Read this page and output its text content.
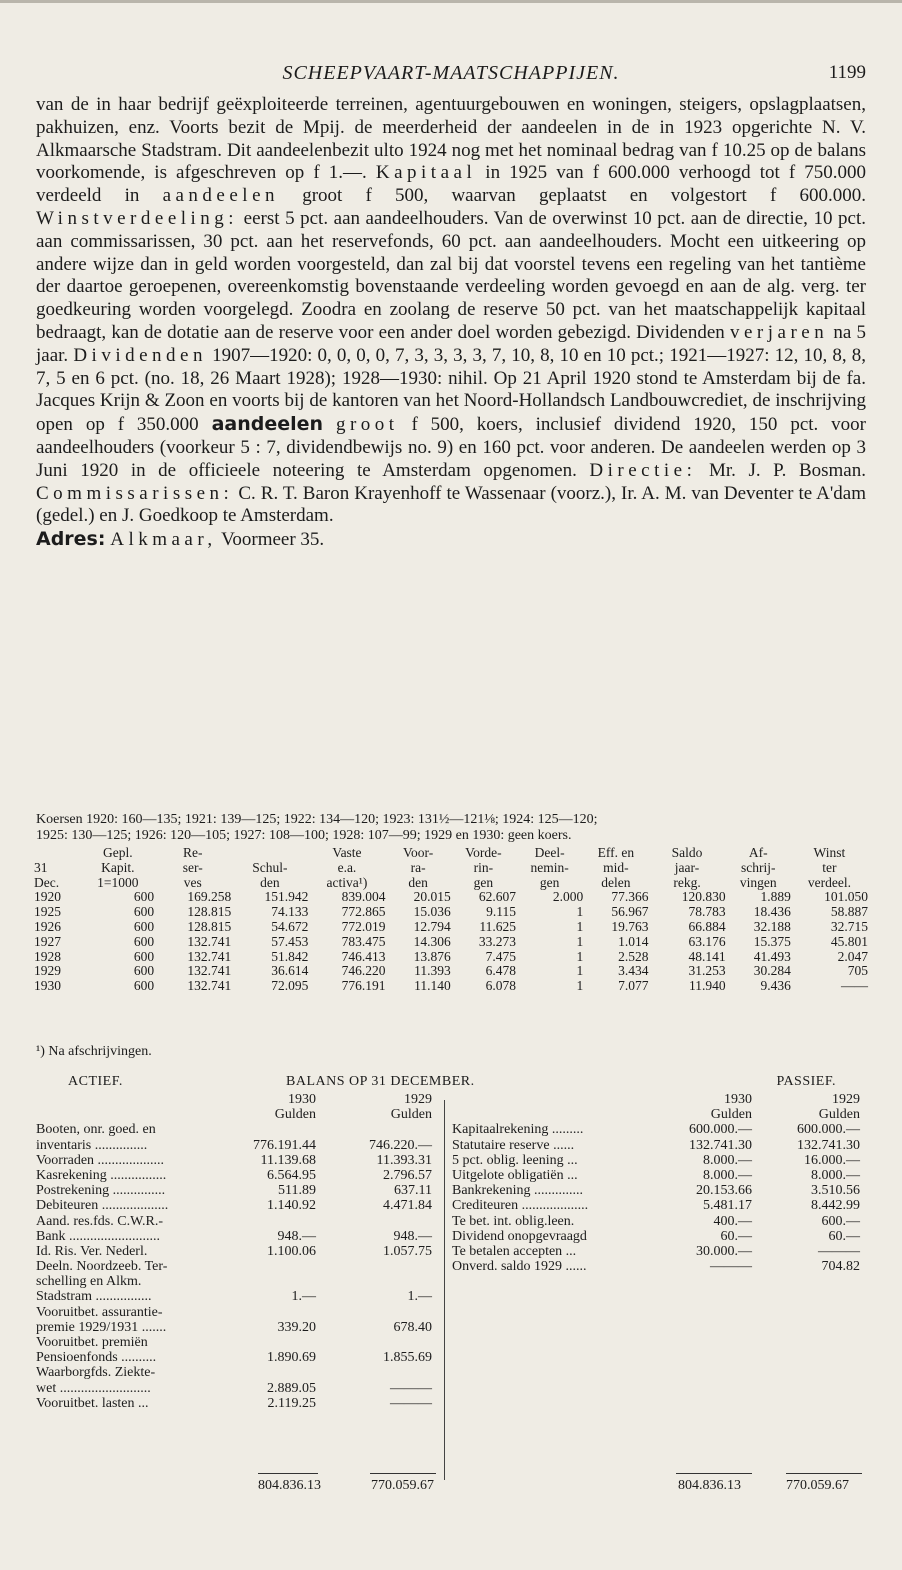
SCHEEPVAART-MAATSCHAPPIJEN.	1199
van de in haar bedrijf geëxploiteerde terreinen, agentuurgebouwen en woningen, steigers, opslagplaatsen, pakhuizen, enz. Voorts bezit de Mpij. de meerderheid der aandeelen in de in 1923 opgerichte N. V. Alkmaarsche Stadstram. Dit aandeelenbezit ulto 1924 nog met het nominaal bedrag van f 10.25 op de balans voorkomende, is afgeschreven op f 1.—. Kapitaal in 1925 van f 600.000 verhoogd tot f 750.000 verdeeld in aandeelen groot f 500, waarvan geplaatst en volgestort f 600.000. Winstverdeeling: eerst 5 pct. aan aandeelhouders. Van de overwinst 10 pct. aan de directie, 10 pct. aan commissarissen, 30 pct. aan het reservefonds, 60 pct. aan aandeelhouders. Mocht een uitkeering op andere wijze dan in geld worden voorgesteld, dan zal bij dat voorstel tevens een regeling van het tantième der daartoe geroepenen, overeenkomstig bovenstaande verdeeling worden gevoegd en aan de alg. verg. ter goedkeuring worden voorgelegd. Zoodra en zoolang de reserve 50 pct. van het maatschappelijk kapitaal bedraagt, kan de dotatie aan de reserve voor een ander doel worden gebezigd. Dividenden verjaren na 5 jaar. Dividenden 1907—1920: 0, 0, 0, 0, 7, 3, 3, 3, 3, 7, 10, 8, 10 en 10 pct.; 1921—1927: 12, 10, 8, 8, 7, 5 en 6 pct. (no. 18, 26 Maart 1928); 1928—1930: nihil. Op 21 April 1920 stond te Amsterdam bij de fa. Jacques Krijn & Zoon en voorts bij de kantoren van het Noord-Hollandsch Landbouwcrediet, de inschrijving open op f 350.000 aandeelen groot f 500, koers, inclusief dividend 1920, 150 pct. voor aandeelhouders (voorkeur 5 : 7, dividendbewijs no. 9) en 160 pct. voor anderen. De aandeelen werden op 3 Juni 1920 in de officieele noteering te Amsterdam opgenomen. Directie: Mr. J. P. Bosman. Commissarissen: C. R. T. Baron Krayenhoff te Wassenaar (voorz.), Ir. A. M. van Deventer te A'dam (gedel.) en J. Goedkoop te Amsterdam.
Adres: Alkmaar, Voormeer 35.
Koersen 1920: 160—135; 1921: 139—125; 1922: 134—120; 1923: 131½—121⅛; 1924: 125—120;
1925: 130—125; 1926: 120—105; 1927: 108—100; 1928: 107—99; 1929 en 1930: geen koers.
	Gepl.	Re-		Vaste	Voor-	Vorde-	Deel-	Eff. en	Saldo	Af-	Winst
31	Kapit.	ser-	Schul-	e.a.	ra-	rin-	nemin-	mid-	jaar-	schrij-	ter
Dec.	1=1000	ves	den	activa¹)	den	gen	gen	delen	rekg.	vingen	verdeel.
1920	600	169.258	151.942	839.004	20.015	62.607	2.000	77.366	120.830	1.889	101.050
1925	600	128.815	74.133	772.865	15.036	9.115	1	56.967	78.783	18.436	58.887
1926	600	128.815	54.672	772.019	12.794	11.625	1	19.763	66.884	32.188	32.715
1927	600	132.741	57.453	783.475	14.306	33.273	1	1.014	63.176	15.375	45.801
1928	600	132.741	51.842	746.413	13.876	7.475	1	2.528	48.141	41.493	2.047
1929	600	132.741	36.614	746.220	11.393	6.478	1	3.434	31.253	30.284	705
1930	600	132.741	72.095	776.191	11.140	6.078	1	7.077	11.940	9.436	——
¹) Na afschrijvingen.
ACTIEF.	BALANS OP 31 DECEMBER.	PASSIEF.
1930	1929
Gulden	Gulden
Booten, onr. goed. en
inventaris ...............	776.191.44	746.220.—
Voorraden ...................	11.139.68	11.393.31
Kasrekening ................	6.564.95	2.796.57
Postrekening ...............	511.89	637.11
Debiteuren ...................	1.140.92	4.471.84
Aand. res.fds. C.W.R.-
Bank ..........................	948.—	948.—
Id. Ris. Ver. Nederl.	1.100.06	1.057.75
Deeln. Noordzeeb. Ter-
schelling en Alkm.
Stadstram ................	1.—	1.—
Vooruitbet. assurantie-
premie 1929/1931 .......	339.20	678.40
Vooruitbet. premiën
Pensioenfonds ..........	1.890.69	1.855.69
Waarborgfds. Ziekte-
wet ..........................	2.889.05	———
Vooruitbet. lasten ...	2.119.25	———
1930	1929
Gulden	Gulden
Kapitaalrekening .........	600.000.—	600.000.—
Statutaire reserve ......	132.741.30	132.741.30
5 pct. oblig. leening ...	8.000.—	16.000.—
Uitgelote obligatiën ...	8.000.—	8.000.—
Bankrekening ..............	20.153.66	3.510.56
Crediteuren ...................	5.481.17	8.442.99
Te bet. int. oblig.leen.	400.—	600.—
Dividend onopgevraagd	60.—	60.—
Te betalen accepten ...	30.000.—	———
Onverd. saldo 1929 ......	———	704.82
804.836.13	770.059.67	804.836.13	770.059.67
